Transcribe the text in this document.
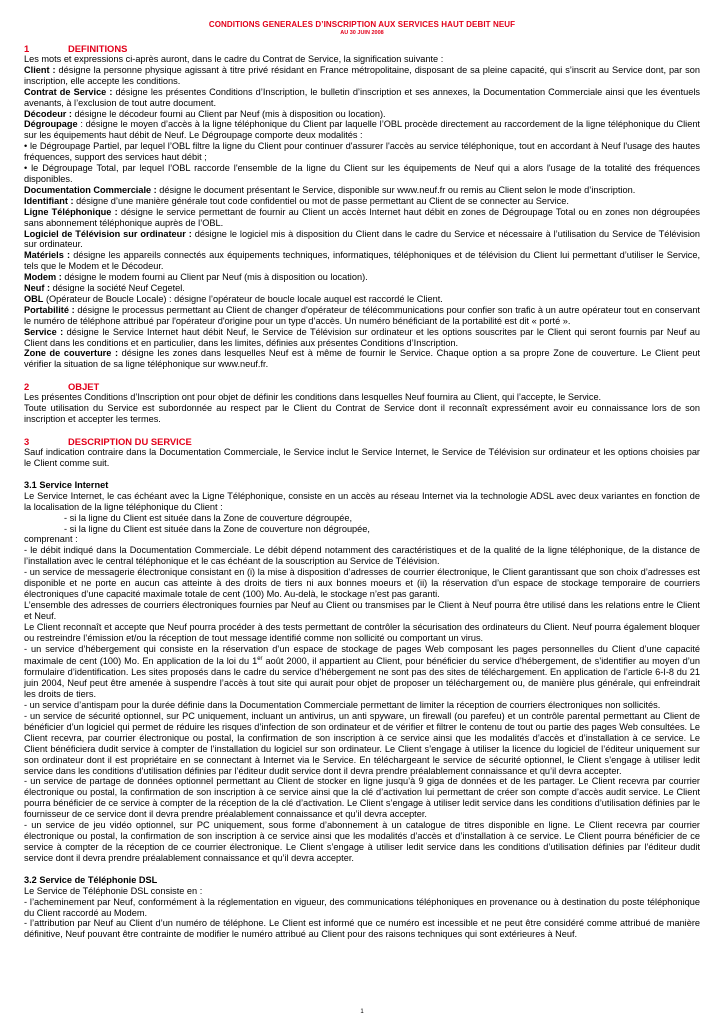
CONDITIONS GENERALES D’INSCRIPTION AUX SERVICES HAUT DEBIT NEUF

AU 30 JUIN 2008

1	DEFINITIONS

Les mots et expressions ci-après auront, dans le cadre du Contrat de Service, la signification suivante :

Client : désigne la personne physique agissant à titre privé résidant en France métropolitaine, disposant de sa pleine capacité, qui s’inscrit au Service dont, par son inscription, elle accepte les conditions.

Contrat de Service : désigne les présentes Conditions d’Inscription, le bulletin d’inscription et ses annexes, la Documentation Commerciale ainsi que les éventuels avenants, à l’exclusion de tout autre document.

Décodeur : désigne le décodeur fourni au Client par Neuf (mis à disposition ou location).

Dégroupage : désigne le moyen d’accès à la ligne téléphonique du Client par laquelle l’OBL procède directement au raccordement de la ligne téléphonique du Client sur les équipements haut débit de Neuf. Le Dégroupage comporte deux modalités :

• le Dégroupage Partiel, par lequel l’OBL filtre la ligne du Client pour continuer d'assurer l'accès au service téléphonique, tout en accordant à Neuf l'usage des hautes fréquences, support des services haut débit ;

• le Dégroupage Total, par lequel l’OBL raccorde l'ensemble de la ligne du Client sur les équipements de Neuf qui a alors l'usage de la totalité des fréquences disponibles.

Documentation Commerciale : désigne le document présentant le Service, disponible sur www.neuf.fr ou remis au Client selon le mode d’inscription.

Identifiant : désigne d’une manière générale tout code confidentiel ou mot de passe permettant au Client de se connecter au Service.

Ligne Téléphonique : désigne le service permettant de fournir au Client un accès Internet haut débit en zones de Dégroupage Total ou en zones non dégroupées sans abonnement téléphonique auprès de l’OBL.

Logiciel de Télévision sur ordinateur : désigne le logiciel mis à disposition du Client dans le cadre du Service et nécessaire à l’utilisation du Service de Télévision sur ordinateur.

Matériels : désigne les appareils connectés aux équipements techniques, informatiques, téléphoniques et de télévision du Client lui permettant d’utiliser le Service, tels que le Modem et le Décodeur.

Modem : désigne le modem fourni au Client par Neuf (mis à disposition ou location).

Neuf : désigne la société Neuf Cegetel.

OBL (Opérateur de Boucle Locale) : désigne l’opérateur de boucle locale auquel est raccordé le Client.

Portabilité : désigne le processus permettant au Client de changer d'opérateur de télécommunications pour confier son trafic à un autre opérateur tout en conservant le numéro de téléphone attribué par l'opérateur d'origine pour un type d’accès. Un numéro bénéficiant de la portabilité est dit « porté ».

Service : désigne le Service Internet haut débit Neuf, le Service de Télévision sur ordinateur et les options souscrites par le Client qui seront fournis par Neuf au Client dans les conditions et en particulier, dans les limites, définies aux présentes Conditions d’Inscription.

Zone de couverture : désigne les zones dans lesquelles Neuf est à même de fournir le Service. Chaque option a sa propre Zone de couverture. Le Client peut vérifier la situation de sa ligne téléphonique sur www.neuf.fr.

2	OBJET

Les présentes Conditions d’Inscription ont pour objet de définir les conditions dans lesquelles Neuf fournira au Client, qui l’accepte, le Service.

Toute utilisation du Service est subordonnée au respect par le Client du Contrat de Service dont il reconnaît expressément avoir eu connaissance lors de son inscription et accepter les termes.

3	DESCRIPTION DU SERVICE

Sauf indication contraire dans la Documentation Commerciale, le Service inclut le Service Internet, le Service de Télévision sur ordinateur et les options choisies par le Client comme suit.

3.1 Service Internet

Le Service Internet, le cas échéant avec la Ligne Téléphonique, consiste en un accès au réseau Internet via la technologie ADSL avec deux variantes en fonction de la localisation de la ligne téléphonique du Client :

- si la ligne du Client est située dans la Zone de couverture dégroupée,

- si la ligne du Client est située dans la Zone de couverture non dégroupée,

comprenant :

- le débit indiqué dans la Documentation Commerciale. Le débit dépend notamment des caractéristiques et de la qualité de la ligne téléphonique, de la distance de l’installation avec le central téléphonique et le cas échéant de la souscription au Service de Télévision.

- un service de messagerie électronique consistant en (i) la mise à disposition d’adresses de courrier électronique, le Client garantissant que son choix d’adresses est disponible et ne porte en aucun cas atteinte à des droits de tiers ni aux bonnes moeurs et (ii) la réservation d’un espace de stockage temporaire de courriers électroniques d’une capacité maximale totale de cent (100) Mo. Au-delà, le stockage n’est pas garanti.

L’ensemble des adresses de courriers électroniques fournies par Neuf au Client ou transmises par le Client à Neuf pourra être utilisé dans les relations entre le Client et Neuf.

Le Client reconnaît et accepte que Neuf pourra procéder à des tests permettant de contrôler la sécurisation des ordinateurs du Client. Neuf pourra également bloquer ou restreindre l’émission et/ou la réception de tout message identifié comme non sollicité ou comportant un virus.

- un service d’hébergement qui consiste en la réservation d’un espace de stockage de pages Web composant les pages personnelles du Client d’une capacité maximale de cent (100) Mo. En application de la loi du 1er août 2000, il appartient au Client, pour bénéficier du service d’hébergement, de s’identifier au moyen d’un formulaire d’identification. Les sites proposés dans le cadre du service d’hébergement ne sont pas des sites de téléchargement. En application de l’article 6-I-8 du 21 juin 2004, Neuf peut être amenée à suspendre l’accès à tout site qui aurait pour objet de proposer un téléchargement ou, de manière plus générale, qui enfreindrait les droits de tiers.

- un service d’antispam pour la durée définie dans la Documentation Commerciale permettant de limiter la réception de courriers électroniques non sollicités.

- un service de sécurité optionnel, sur PC uniquement, incluant un antivirus, un anti spyware, un firewall (ou parefeu) et un contrôle parental permettant au Client de bénéficier d’un logiciel qui permet de réduire les risques d’infection de son ordinateur et de vérifier et filtrer le contenu de tout ou partie des pages Web consultées. Le Client recevra, par courrier électronique ou postal, la confirmation de son inscription à ce service ainsi que les modalités d’accès et d’installation à ce service. Le Client bénéficiera dudit service à compter de l’installation du logiciel sur son ordinateur. Le Client s’engage à utiliser la licence du logiciel de l’éditeur uniquement sur son ordinateur dont il est propriétaire en se connectant à Internet via le Service. En téléchargeant le service de sécurité optionnel, le Client s’engage à utiliser ledit service dans les conditions d’utilisation définies par l’éditeur dudit service dont il devra prendre préalablement connaissance et qu’il devra accepter.

- un service de partage de données optionnel permettant au Client de stocker en ligne jusqu’à 9 giga de données et de les partager. Le Client recevra par courrier électronique ou postal, la confirmation de son inscription à ce service ainsi que la clé d’activation lui permettant de créer son compte d’accès audit service. Le Client pourra bénéficier de ce service à compter de la réception de la clé d’activation. Le Client s’engage à utiliser ledit service dans les conditions d’utilisation définies par le fournisseur de ce service dont il devra prendre préalablement connaissance et qu’il devra accepter.

- un service de jeu vidéo optionnel, sur PC uniquement, sous forme d’abonnement à un catalogue de titres disponible en ligne. Le Client recevra par courrier électronique ou postal, la confirmation de son inscription à ce service ainsi que les modalités d’accès et d’installation à ce service. Le Client pourra bénéficier de ce service à compter de la réception de ce courrier électronique. Le Client s’engage à utiliser ledit service dans les conditions d’utilisation définies par l’éditeur dudit service dont il devra prendre préalablement connaissance et qu’il devra accepter.

3.2 Service de Téléphonie DSL

Le Service de Téléphonie DSL consiste en :

- l’acheminement par Neuf, conformément à la réglementation en vigueur, des communications téléphoniques en provenance ou à destination du poste téléphonique du Client raccordé au Modem.

- l’attribution par Neuf au Client d’un numéro de téléphone. Le Client est informé que ce numéro est incessible et ne peut être considéré comme attribué de manière définitive, Neuf pouvant être contrainte de modifier le numéro attribué au Client pour des raisons techniques qui sont extérieures à Neuf.

1
